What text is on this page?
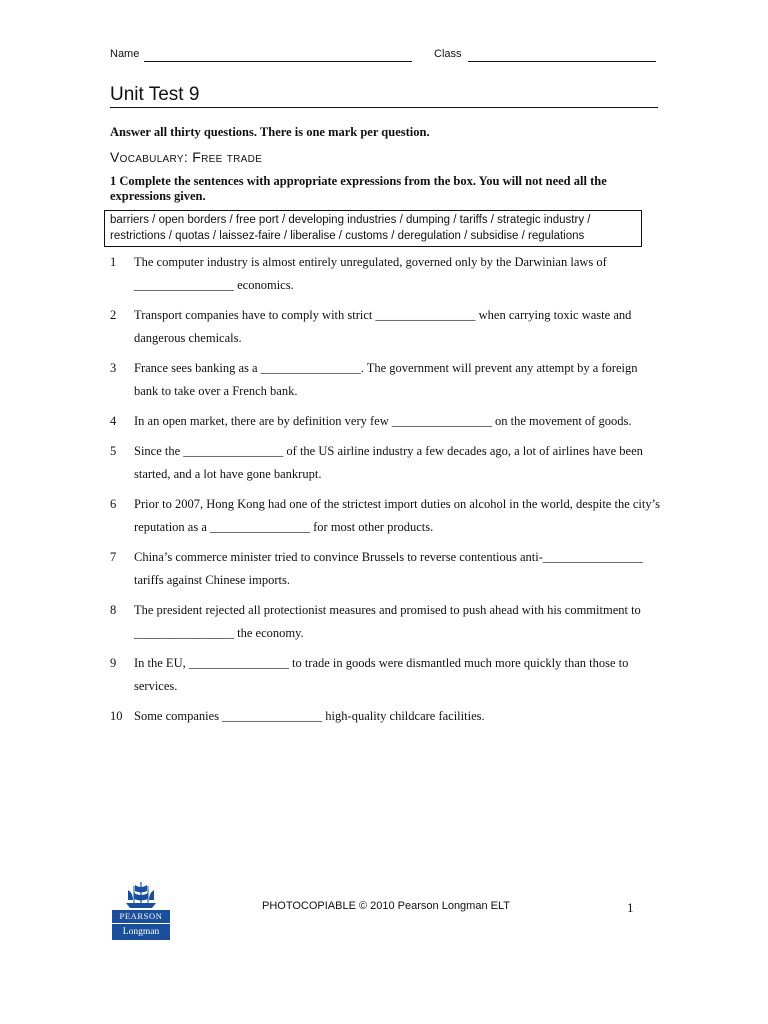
Name	Class
Unit Test 9
Answer all thirty questions. There is one mark per question.
Vocabulary: Free trade
1 Complete the sentences with appropriate expressions from the box. You will not need all the expressions given.
barriers / open borders / free port / developing industries / dumping / tariffs / strategic industry / restrictions / quotas / laissez-faire / liberalise / customs / deregulation / subsidise / regulations
1 The computer industry is almost entirely unregulated, governed only by the Darwinian laws of ________________ economics.
2 Transport companies have to comply with strict ________________ when carrying toxic waste and dangerous chemicals.
3 France sees banking as a ________________. The government will prevent any attempt by a foreign bank to take over a French bank.
4 In an open market, there are by definition very few ________________ on the movement of goods.
5 Since the ________________ of the US airline industry a few decades ago, a lot of airlines have been started, and a lot have gone bankrupt.
6 Prior to 2007, Hong Kong had one of the strictest import duties on alcohol in the world, despite the city’s reputation as a ________________ for most other products.
7 China’s commerce minister tried to convince Brussels to reverse contentious anti-________________ tariffs against Chinese imports.
8 The president rejected all protectionist measures and promised to push ahead with his commitment to ________________ the economy.
9 In the EU, ________________ to trade in goods were dismantled much more quickly than those to services.
10 Some companies ________________ high-quality childcare facilities.
PEARSON
Longman
PHOTOCOPIABLE © 2010 Pearson Longman ELT	1
